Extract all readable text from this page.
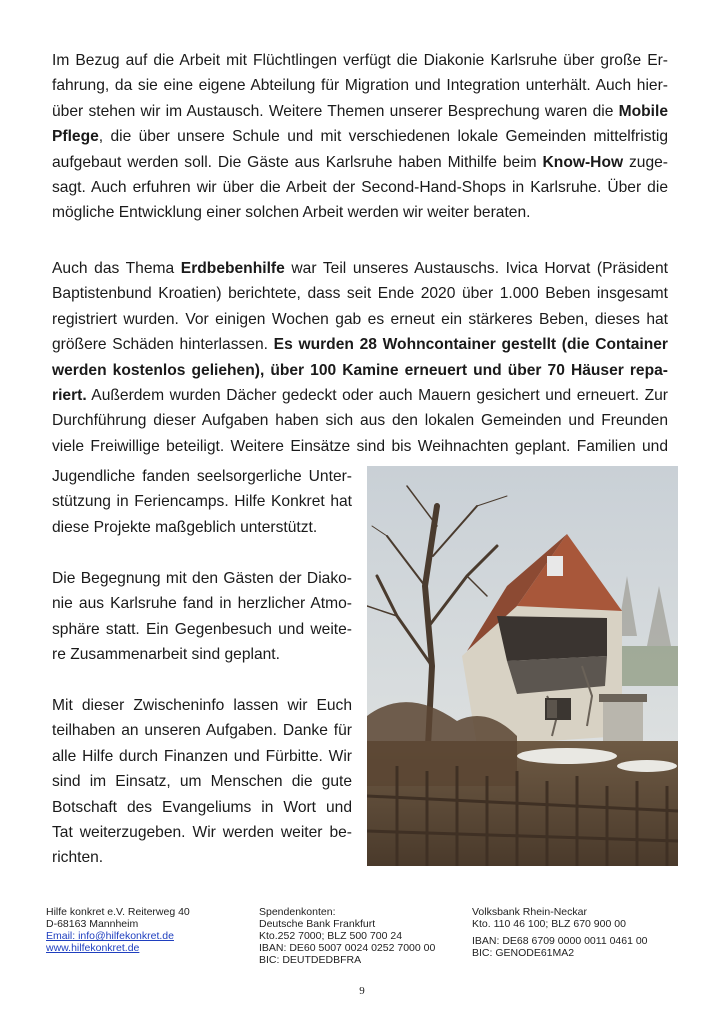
Im Bezug auf die Arbeit mit Flüchtlingen verfügt die Diakonie Karlsruhe über große Er-
fahrung, da sie eine eigene Abteilung für Migration und Integration unterhält. Auch hier-
über stehen wir im Austausch. Weitere Themen unserer Besprechung waren die Mobile
Pflege, die über unsere Schule und mit verschiedenen lokale Gemeinden mittelfristig
aufgebaut werden soll. Die Gäste aus Karlsruhe haben Mithilfe beim Know-How zuge-
sagt. Auch erfuhren wir über die Arbeit der Second-Hand-Shops in Karlsruhe. Über die
mögliche Entwicklung einer solchen Arbeit werden wir weiter beraten.
Auch das Thema Erdbebenhilfe war Teil unseres Austauschs. Ivica Horvat (Präsident
Baptistenbund Kroatien) berichtete, dass seit Ende 2020 über 1.000 Beben insgesamt
registriert wurden. Vor einigen Wochen gab es erneut ein stärkeres Beben, dieses hat
größere Schäden hinterlassen. Es wurden 28 Wohncontainer gestellt (die Container
werden kostenlos geliehen), über 100 Kamine erneuert und über 70 Häuser repa-
riert. Außerdem wurden Dächer gedeckt oder auch Mauern gesichert und erneuert. Zur
Durchführung dieser Aufgaben haben sich aus den lokalen Gemeinden und Freunden
viele Freiwillige beteiligt. Weitere Einsätze sind bis Weihnachten geplant. Familien und
Jugendliche fanden seelsorgerliche Unter-
stützung in Feriencamps. Hilfe Konkret hat
diese Projekte maßgeblich unterstützt.
Die Begegnung mit den Gästen der Diako-
nie aus Karlsruhe fand in herzlicher Atmo-
sphäre statt. Ein Gegenbesuch und weite-
re Zusammenarbeit sind geplant.
Mit dieser Zwischeninfo lassen wir Euch
teilhaben an unseren Aufgaben. Danke für
alle Hilfe durch Finanzen und Fürbitte. Wir
sind im Einsatz, um Menschen die gute
Botschaft des Evangeliums in Wort und
Tat weiterzugeben. Wir werden weiter be-
richten.
Hilfe konkret e.V. Reiterweg 40
D-68163 Mannheim
Email: info@hilfekonkret.de
www.hilfekonkret.de
Spendenkonten:
Deutsche Bank Frankfurt
Kto.252 7000; BLZ 500 700 24
IBAN: DE60 5007 0024 0252 7000 00
BIC: DEUTDEDBFRA
Volksbank Rhein-Neckar
Kto. 110 46 100; BLZ 670 900 00
IBAN: DE68 6709 0000 0011 0461 00
BIC: GENODE61MA2
9
